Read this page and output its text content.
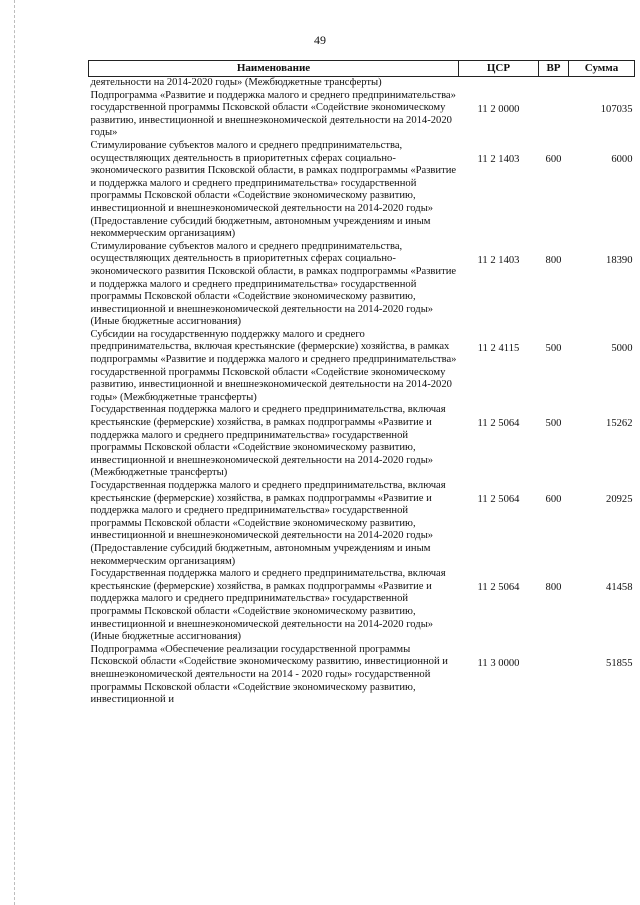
49
Наименование	ЦСР	ВР	Сумма
деятельности на 2014-2020 годы» (Межбюджетные трансферты)			
Подпрограмма «Развитие и поддержка малого и среднего предпринимательства» государственной программы Псковской области «Содействие экономическому развитию, инвестиционной и внешнеэкономической деятельности на 2014-2020 годы»	11 2 0000		107035
Стимулирование субъектов малого и среднего предпринимательства, осуществляющих деятельность в приоритетных сферах социально-экономического развития Псковской области, в рамках подпрограммы «Развитие и поддержка малого и среднего предпринимательства» государственной программы Псковской области «Содействие экономическому развитию, инвестиционной и внешнеэкономической деятельности на 2014-2020 годы» (Предоставление субсидий бюджетным, автономным учреждениям и иным некоммерческим организациям)	11 2 1403	600	6000
Стимулирование субъектов малого и среднего предпринимательства, осуществляющих деятельность в приоритетных сферах социально-экономического развития Псковской области, в рамках подпрограммы «Развитие и поддержка малого и среднего предпринимательства» государственной программы Псковской области «Содействие экономическому развитию, инвестиционной и внешнеэкономической деятельности на 2014-2020 годы» (Иные бюджетные ассигнования)	11 2 1403	800	18390
Субсидии на государственную поддержку малого и среднего предпринимательства, включая крестьянские (фермерские) хозяйства, в рамках подпрограммы «Развитие и поддержка малого и среднего предпринимательства» государственной программы Псковской области «Содействие экономическому развитию, инвестиционной и внешнеэкономической деятельности на 2014-2020 годы» (Межбюджетные трансферты)	11 2 4115	500	5000
Государственная поддержка малого и среднего предпринимательства, включая крестьянские (фермерские) хозяйства, в рамках подпрограммы «Развитие и поддержка малого и среднего предпринимательства» государственной программы Псковской области «Содействие экономическому развитию, инвестиционной и внешнеэкономической деятельности на 2014-2020 годы» (Межбюджетные трансферты)	11 2 5064	500	15262
Государственная поддержка малого и среднего предпринимательства, включая крестьянские (фермерские) хозяйства, в рамках подпрограммы «Развитие и поддержка малого и среднего предпринимательства» государственной программы Псковской области «Содействие экономическому развитию, инвестиционной и внешнеэкономической деятельности на 2014-2020 годы» (Предоставление субсидий бюджетным, автономным учреждениям и иным некоммерческим организациям)	11 2 5064	600	20925
Государственная поддержка малого и среднего предпринимательства, включая крестьянские (фермерские) хозяйства, в рамках подпрограммы «Развитие и поддержка малого и среднего предпринимательства» государственной программы Псковской области «Содействие экономическому развитию, инвестиционной и внешнеэкономической деятельности на 2014-2020 годы» (Иные бюджетные ассигнования)	11 2 5064	800	41458
Подпрограмма «Обеспечение реализации государственной программы Псковской области «Содействие экономическому развитию, инвестиционной и внешнеэкономической деятельности на 2014 - 2020 годы» государственной программы Псковской области «Содействие экономическому развитию, инвестиционной и	11 3 0000		51855
